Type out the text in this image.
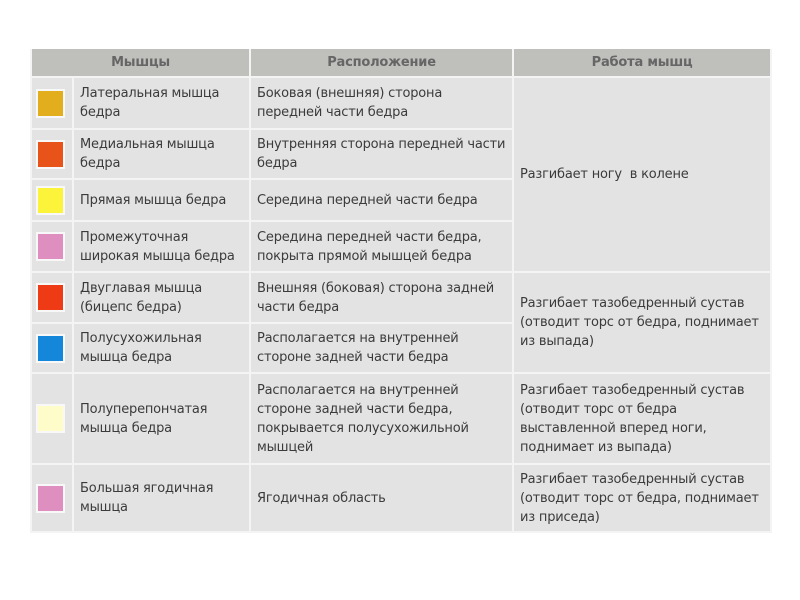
Мышцы		Расположение	Работа мышц
	Латеральная мышца бедра	Боковая (внешняя) сторона передней части бедра	Разгибает ногу  в колене
	Медиальная мышца бедра	Внутренняя сторона передней части бедра	
	Прямая мышца бедра	Середина передней части бедра	
	Промежуточная широкая мышца бедра	Середина передней части бедра, покрыта прямой мышцей бедра	
	Двуглавая мышца (бицепс бедра)	Внешняя (боковая) сторона задней части бедра	Разгибает тазобедренный сустав (отводит торс от бедра, поднимает из выпада)
	Полусухожильная мышца бедра	Располагается на внутренней стороне задней части бедра	
	Полуперепончатая мышца бедра	Располагается на внутренней стороне задней части бедра, покрывается полусухожильной мышцей	Разгибает тазобедренный сустав (отводит торс от бедра выставленной вперед ноги, поднимает из выпада)
	Большая ягодичная мышца	Ягодичная область	Разгибает тазобедренный сустав (отводит торс от бедра, поднимает из приседа)
